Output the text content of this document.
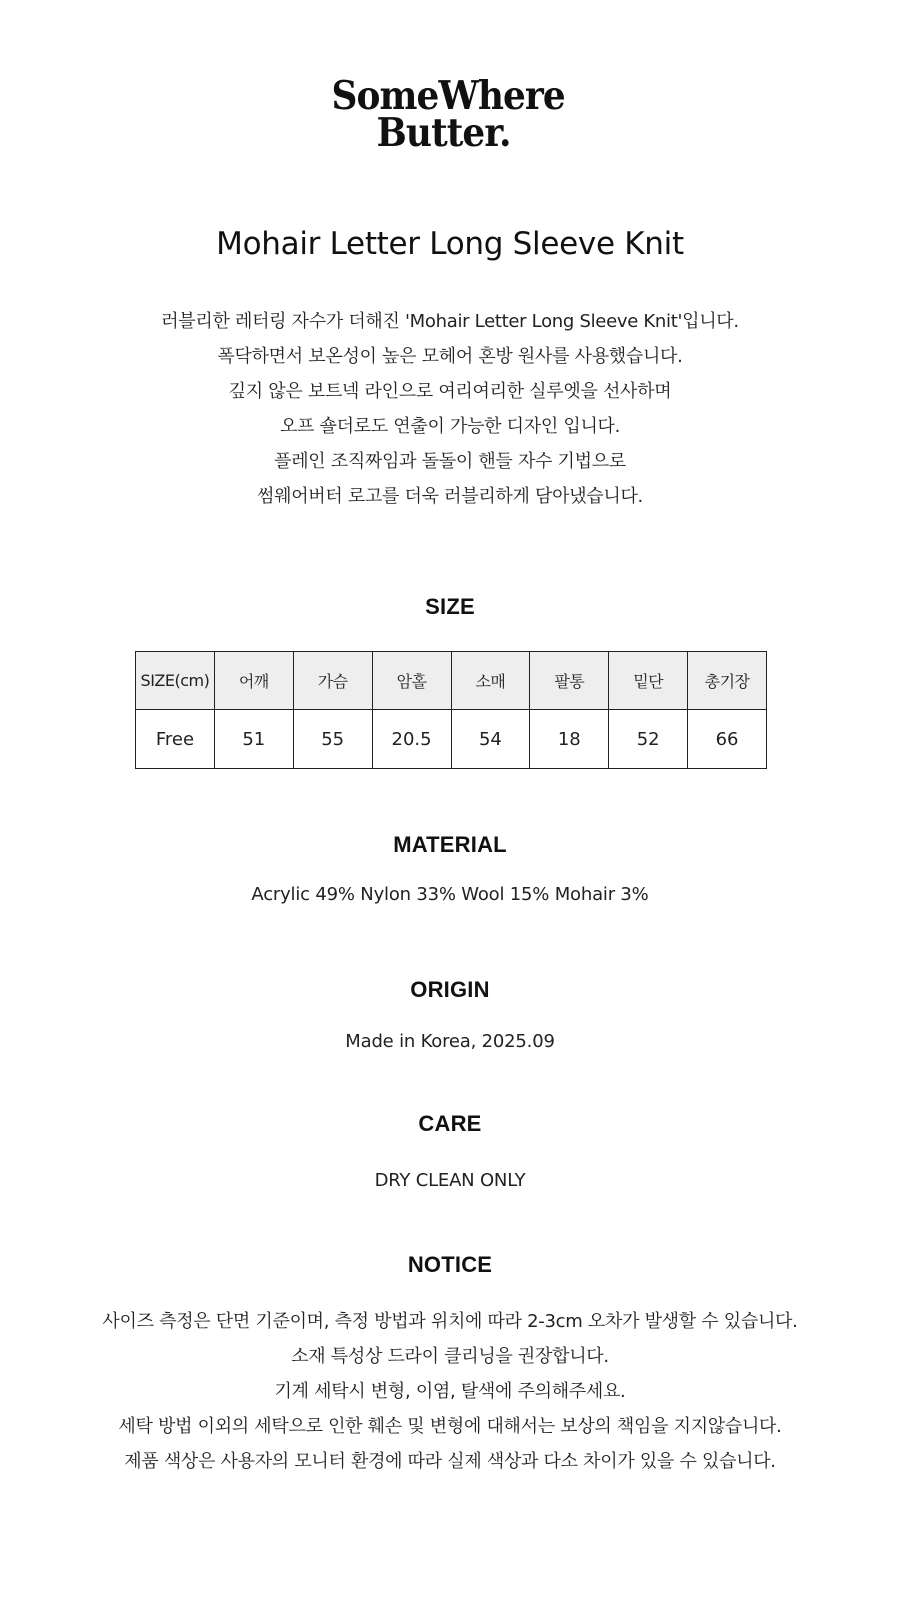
SomeWhere
Butter.
Mohair Letter Long Sleeve Knit

러블리한 레터링 자수가 더해진 'Mohair Letter Long Sleeve Knit'입니다.

폭닥하면서 보온성이 높은 모헤어 혼방 원사를 사용했습니다.

깊지 않은 보트넥 라인으로 여리여리한 실루엣을 선사하며

오프 숄더로도 연출이 가능한 디자인 입니다.

플레인 조직짜임과 돌돌이 핸들 자수 기법으로

썸웨어버터 로고를 더욱 러블리하게 담아냈습니다.

SIZE
SIZE(cm)	어깨	가슴	암홀	소매	팔통	밑단	총기장
Free	51	55	20.5	54	18	52	66
MATERIAL
Acrylic 49% Nylon 33% Wool 15% Mohair 3%
ORIGIN
Made in Korea, 2025.09
CARE
DRY CLEAN ONLY
NOTICE

사이즈 측정은 단면 기준이며, 측정 방법과 위치에 따라 2-3cm 오차가 발생할 수 있습니다.

소재 특성상 드라이 클리닝을 권장합니다.

기계 세탁시 변형, 이염, 탈색에 주의해주세요.

세탁 방법 이외의 세탁으로 인한 훼손 및 변형에 대해서는 보상의 책임을 지지않습니다.

제품 색상은 사용자의 모니터 환경에 따라 실제 색상과 다소 차이가 있을 수 있습니다.
